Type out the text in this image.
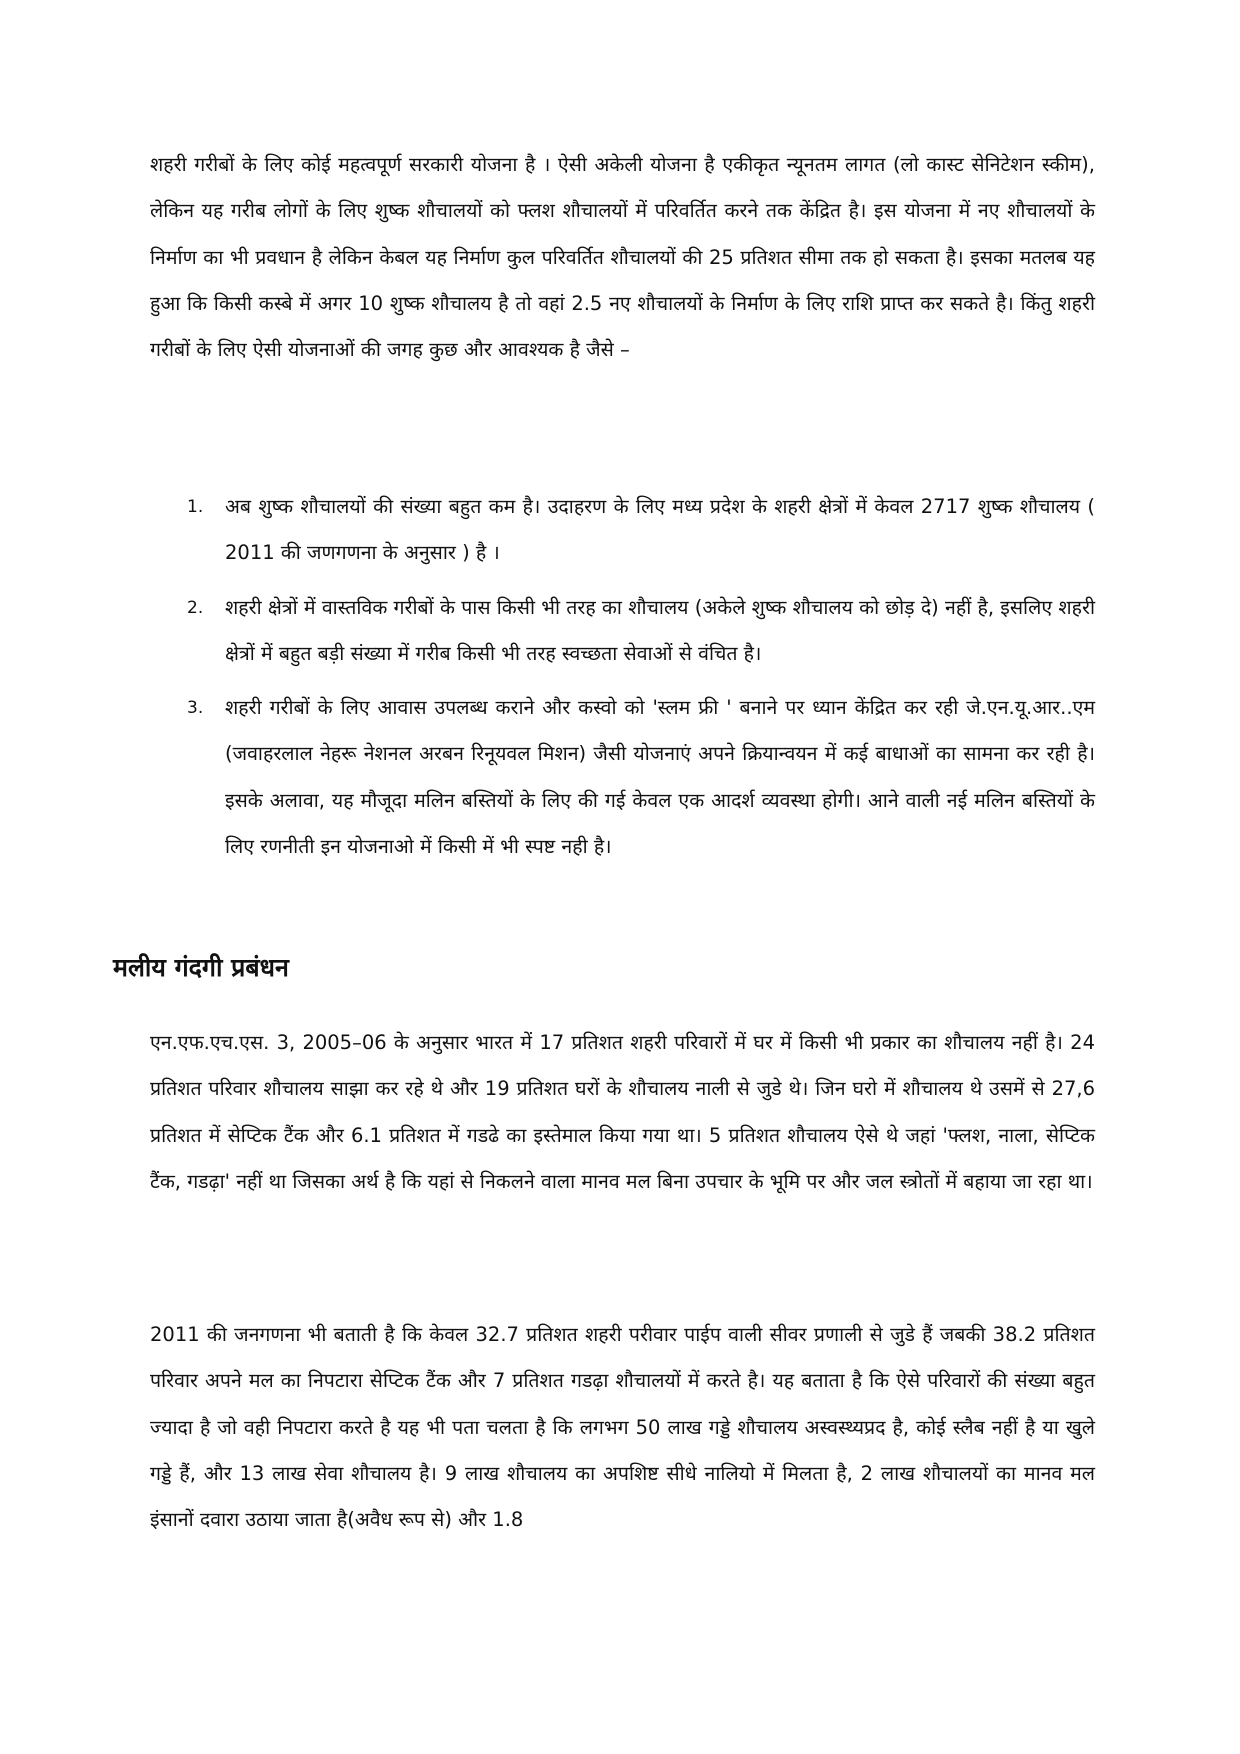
शहरी गरीबों के लिए कोई महत्वपूर्ण सरकारी योजना है । ऐसी अकेली योजना है एकीकृत न्यूनतम लागत (लो कास्ट सेनिटेशन स्कीम), लेकिन यह गरीब लोगों के लिए शुष्क शौचालयों को फ्लश शौचालयों में परिवर्तित करने तक केंद्रित है। इस योजना में नए शौचालयों के निर्माण का भी प्रवधान है लेकिन केबल यह निर्माण कुल परिवर्तित शौचालयों की 25 प्रतिशत सीमा तक हो सकता है। इसका मतलब यह हुआ कि किसी कस्बे में अगर 10 शुष्क शौचालय है तो वहां 2.5 नए शौचालयों के निर्माण के लिए राशि प्राप्त कर सकते है। किंतु शहरी गरीबों के लिए ऐसी योजनाओं की जगह कुछ और आवश्यक है जैसे –

1. अब शुष्क शौचालयों की संख्या बहुत कम है। उदाहरण के लिए मध्य प्रदेश के शहरी क्षेत्रों में केवल 2717 शुष्क शौचालय ( 2011 की जणगणना के अनुसार ) है ।
2. शहरी क्षेत्रों में वास्तविक गरीबों के पास किसी भी तरह का शौचालय (अकेले शुष्क शौचालय को छोड़ दे) नहीं है, इसलिए शहरी क्षेत्रों में बहुत बड़ी संख्या में गरीब किसी भी तरह स्वच्छता सेवाओं से वंचित है।
3. शहरी गरीबों के लिए आवास उपलब्ध कराने और कस्वो को 'स्लम फ्री ' बनाने पर ध्यान केंद्रित कर रही जे.एन.यू.आर..एम (जवाहरलाल नेहरू नेशनल अरबन रिनूयवल मिशन) जैसी योजनाएं अपने क्रियान्वयन में कई बाधाओं का सामना कर रही है। इसके अलावा, यह मौजूदा मलिन बस्तियों के लिए की गई केवल एक आदर्श व्यवस्था होगी। आने वाली नई मलिन बस्तियों के लिए रणनीती इन योजनाओ में किसी में भी स्पष्ट नही है।
मलीय गंदगी प्रबंधन

एन.एफ.एच.एस. 3, 2005–06 के अनुसार भारत में 17 प्रतिशत शहरी परिवारों में घर में किसी भी प्रकार का शौचालय नहीं है। 24 प्रतिशत परिवार शौचालय साझा कर रहे थे और 19 प्रतिशत घरों के शौचालय नाली से जुडे थे। जिन घरो में शौचालय थे उसमें से 27,6 प्रतिशत में सेप्टिक टैंक और 6.1 प्रतिशत में गडढे का इस्तेमाल किया गया था। 5 प्रतिशत शौचालय ऐसे थे जहां 'फ्लश, नाला, सेप्टिक टैंक, गडढ़ा' नहीं था जिसका अर्थ है कि यहां से निकलने वाला मानव मल बिना उपचार के भूमि पर और जल स्त्रोतों में बहाया जा रहा था।

2011 की जनगणना भी बताती है कि केवल 32.7 प्रतिशत शहरी परीवार पाईप वाली सीवर प्रणाली से जुडे हैं जबकी 38.2 प्रतिशत परिवार अपने मल का निपटारा सेप्टिक टैंक और 7 प्रतिशत गडढ़ा शौचालयों में करते है। यह बताता है कि ऐसे परिवारों की संख्या बहुत ज्यादा है जो वही निपटारा करते है यह भी पता चलता है कि लगभग 50 लाख गड्डे शौचालय अस्वस्थ्यप्रद है, कोई स्लैब नहीं है या खुले गड्डे हैं, और 13 लाख सेवा शौचालय है। 9 लाख शौचालय का अपशिष्ट सीधे नालियो में मिलता है, 2 लाख शौचालयों का मानव मल इंसानों दवारा उठाया जाता है(अवैध रूप से) और 1.8
